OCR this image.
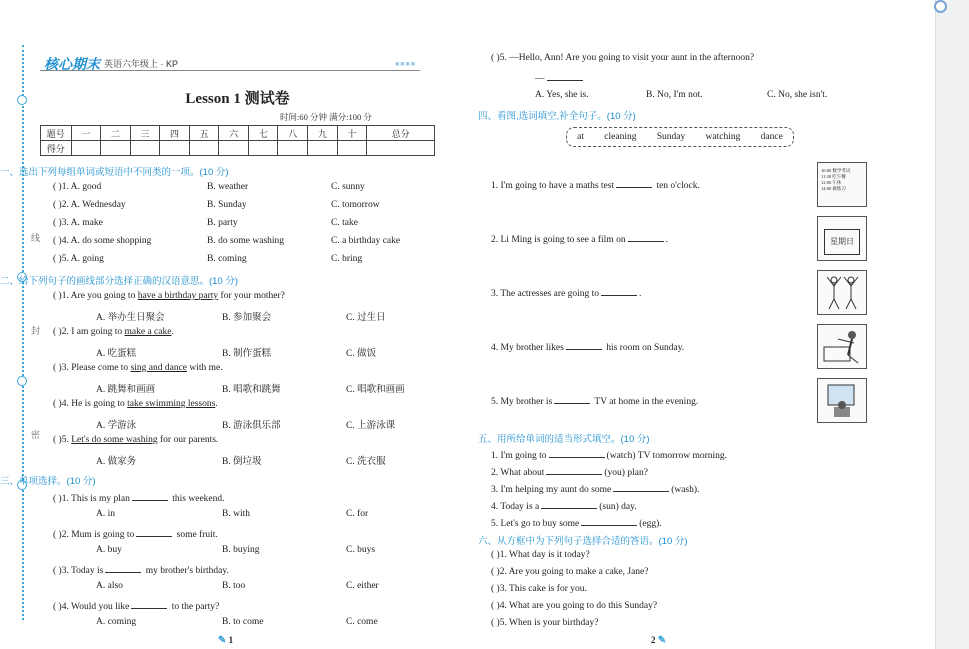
线
封
密
核心期末 英语六年级上 · KP	■■■■
Lesson 1 测试卷
时间:60 分钟 满分:100 分
题号	一	二	三	四	五	六	七	八	九	十	总分
得分											
一、选出下列每组单词或短语中不同类的一项。(10 分)
( )1. A. good	B. weather	C. sunny
( )2. A. Wednesday	B. Sunday	C. tomorrow
( )3. A. make	B. party	C. take
( )4. A. do some shopping	B. do some washing	C. a birthday cake
( )5. A. going	B. coming	C. bring
二、给下列句子的画线部分选择正确的汉语意思。(10 分)
( )1. Are you going to have a birthday party for your mother?
A. 举办生日聚会	B. 参加聚会	C. 过生日
( )2. I am going to make a cake.
A. 吃蛋糕	B. 制作蛋糕	C. 做饭
( )3. Please come to sing and dance with me.
A. 跳舞和画画	B. 唱歌和跳舞	C. 唱歌和画画
( )4. He is going to take swimming lessons.
A. 学游泳	B. 游泳俱乐部	C. 上游泳课
( )5. Let's do some washing for our parents.
A. 做家务	B. 倒垃圾	C. 洗衣服
三、单项选择。(10 分)
( )1. This is my plan	this weekend.
A. in	B. with	C. for
( )2. Mum is going to	some fruit.
A. buy	B. buying	C. buys
( )3. Today is	my brother's birthday.
A. also	B. too	C. either
( )4. Would you like	to the party?
A. coming	B. to come	C. come
✎ 1
( )5. —Hello, Ann! Are you going to visit your aunt in the afternoon?
—
A. Yes, she is.	B. No, I'm not.	C. No, she isn't.
四、看图,选词填空,补全句子。(10 分)
at cleaning Sunday watching dance
1. I'm going to have a maths test	ten o'clock.
2. Li Ming is going to see a film on	.
3. The actresses are going to	.
4. My brother likes	his room on Sunday.
5. My brother is	TV at home in the evening.
10:00 数学考试
11:30 吃午餐
12:00 午休
14:00 做练习
星期日
五、用所给单词的适当形式填空。(10 分)
1. I'm going to	(watch) TV tomorrow morning.
2. What about	(you) plan?
3. I'm helping my aunt do some	(wash).
4. Today is a	(sun) day.
5. Let's go to buy some	(egg).
六、从方框中为下列句子选择合适的答语。(10 分)
( )1. What day is it today?
( )2. Are you going to make a cake, Jane?
( )3. This cake is for you.
( )4. What are you going to do this Sunday?
( )5. When is your birthday?
2 ✎
